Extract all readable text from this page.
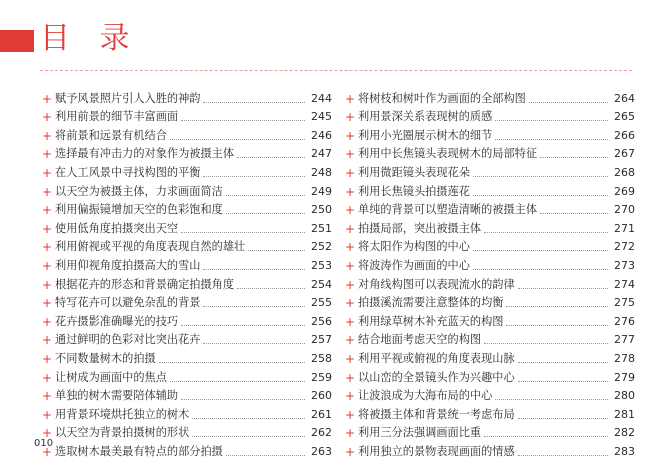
目 录
+ 赋予风景照片引人入胜的神韵	244
+ 利用前景的细节丰富画面	245
+ 将前景和远景有机结合	246
+ 选择最有冲击力的对象作为被摄主体	247
+ 在人工风景中寻找构图的平衡	248
+ 以天空为被摄主体，力求画面简洁	249
+ 利用偏振镜增加天空的色彩饱和度	250
+ 使用低角度拍摄突出天空	251
+ 利用俯视或平视的角度表现自然的雄壮	252
+ 利用仰视角度拍摄高大的雪山	253
+ 根据花卉的形态和背景确定拍摄角度	254
+ 特写花卉可以避免杂乱的背景	255
+ 花卉摄影准确曝光的技巧	256
+ 通过鲜明的色彩对比突出花卉	257
+ 不同数量树木的拍摄	258
+ 让树成为画面中的焦点	259
+ 单独的树木需要陪体辅助	260
+ 用背景环境烘托独立的树木	261
+ 以天空为背景拍摄树的形状	262
+ 选取树木最美最有特点的部分拍摄	263
+ 将树枝和树叶作为画面的全部构图	264
+ 利用景深关系表现树的质感	265
+ 利用小光圈展示树木的细节	266
+ 利用中长焦镜头表现树木的局部特征	267
+ 利用微距镜头表现花朵	268
+ 利用长焦镜头拍摄莲花	269
+ 单纯的背景可以塑造清晰的被摄主体	270
+ 拍摄局部，突出被摄主体	271
+ 将太阳作为构图的中心	272
+ 将波涛作为画面的中心	273
+ 对角线构图可以表现流水的韵律	274
+ 拍摄溪流需要注意整体的均衡	275
+ 利用绿草树木补充蓝天的构图	276
+ 结合地面考虑天空的构图	277
+ 利用平视或俯视的角度表现山脉	278
+ 以山峦的全景镜头作为兴趣中心	279
+ 让波浪成为大海布局的中心	280
+ 将被摄主体和背景统一考虑布局	281
+ 利用三分法强调画面比重	282
+ 利用独立的景物表现画面的情感	283
010
